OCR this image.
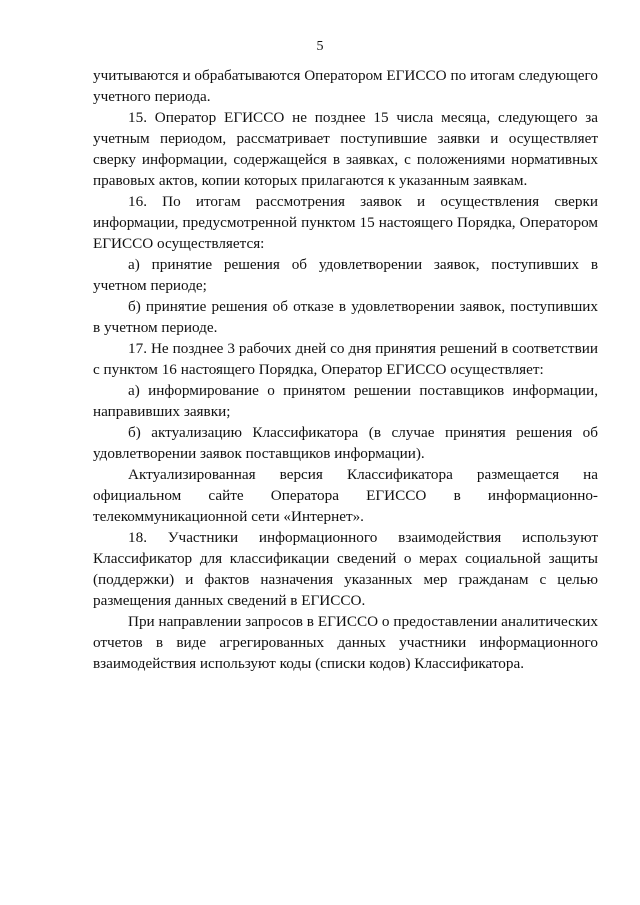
5

учитываются и обрабатываются Оператором ЕГИССО по итогам следующего учетного периода.

15. Оператор ЕГИССО не позднее 15 числа месяца, следующего за учетным периодом, рассматривает поступившие заявки и осуществляет сверку информации, содержащейся в заявках, с положениями нормативных правовых актов, копии которых прилагаются к указанным заявкам.

16. По итогам рассмотрения заявок и осуществления сверки информации, предусмотренной пунктом 15 настоящего Порядка, Оператором ЕГИССО осуществляется:

а) принятие решения об удовлетворении заявок, поступивших в учетном периоде;

б) принятие решения об отказе в удовлетворении заявок, поступивших в учетном периоде.

17. Не позднее 3 рабочих дней со дня принятия решений в соответствии с пунктом 16 настоящего Порядка, Оператор ЕГИССО осуществляет:

а) информирование о принятом решении поставщиков информации, направивших заявки;

б) актуализацию Классификатора (в случае принятия решения об удовлетворении заявок поставщиков информации).

Актуализированная версия Классификатора размещается на официальном сайте Оператора ЕГИССО в информационно-телекоммуникационной сети «Интернет».

18. Участники информационного взаимодействия используют Классификатор для классификации сведений о мерах социальной защиты (поддержки) и фактов назначения указанных мер гражданам с целью размещения данных сведений в ЕГИССО.

При направлении запросов в ЕГИССО о предоставлении аналитических отчетов в виде агрегированных данных участники информационного взаимодействия используют коды (списки кодов) Классификатора.
